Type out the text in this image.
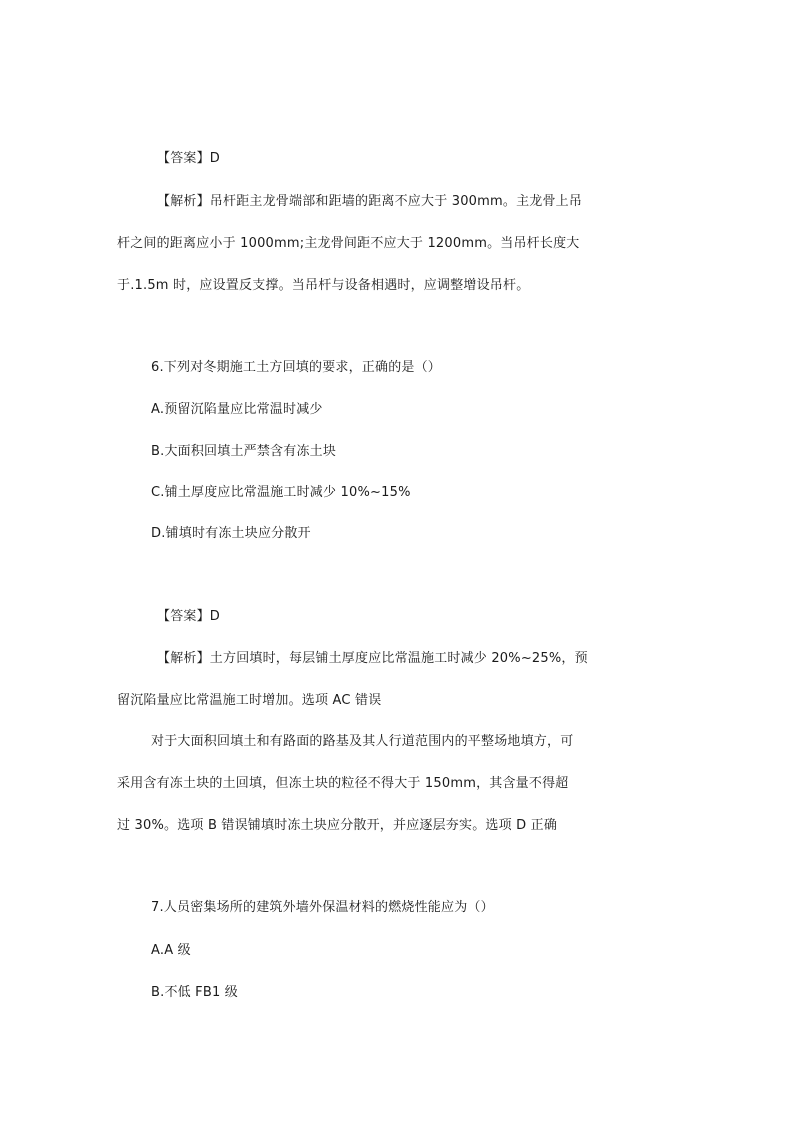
【答案】D
【解析】吊杆距主龙骨端部和距墙的距离不应大于 300mm。主龙骨上吊
杆之间的距离应小于 1000mm;主龙骨间距不应大于 1200mm。当吊杆长度大
于.1.5m 时，应设置反支撑。当吊杆与设备相遇时，应调整增设吊杆。
6.下列对冬期施工土方回填的要求，正确的是（）
A.预留沉陷量应比常温时减少
B.大面积回填土严禁含有冻土块
C.铺土厚度应比常温施工时减少 10%~15%
D.铺填时有冻土块应分散开
【答案】D
【解析】土方回填时，每层铺土厚度应比常温施工时减少 20%~25%，预
留沉陷量应比常温施工时增加。选项 AC 错误
对于大面积回填土和有路面的路基及其人行道范围内的平整场地填方，可
采用含有冻土块的土回填，但冻土块的粒径不得大于 150mm，其含量不得超
过 30%。选项 B 错误铺填时冻土块应分散开，并应逐层夯实。选项 D 正确
7.人员密集场所的建筑外墙外保温材料的燃烧性能应为（）
A.A 级
B.不低 FB1 级
